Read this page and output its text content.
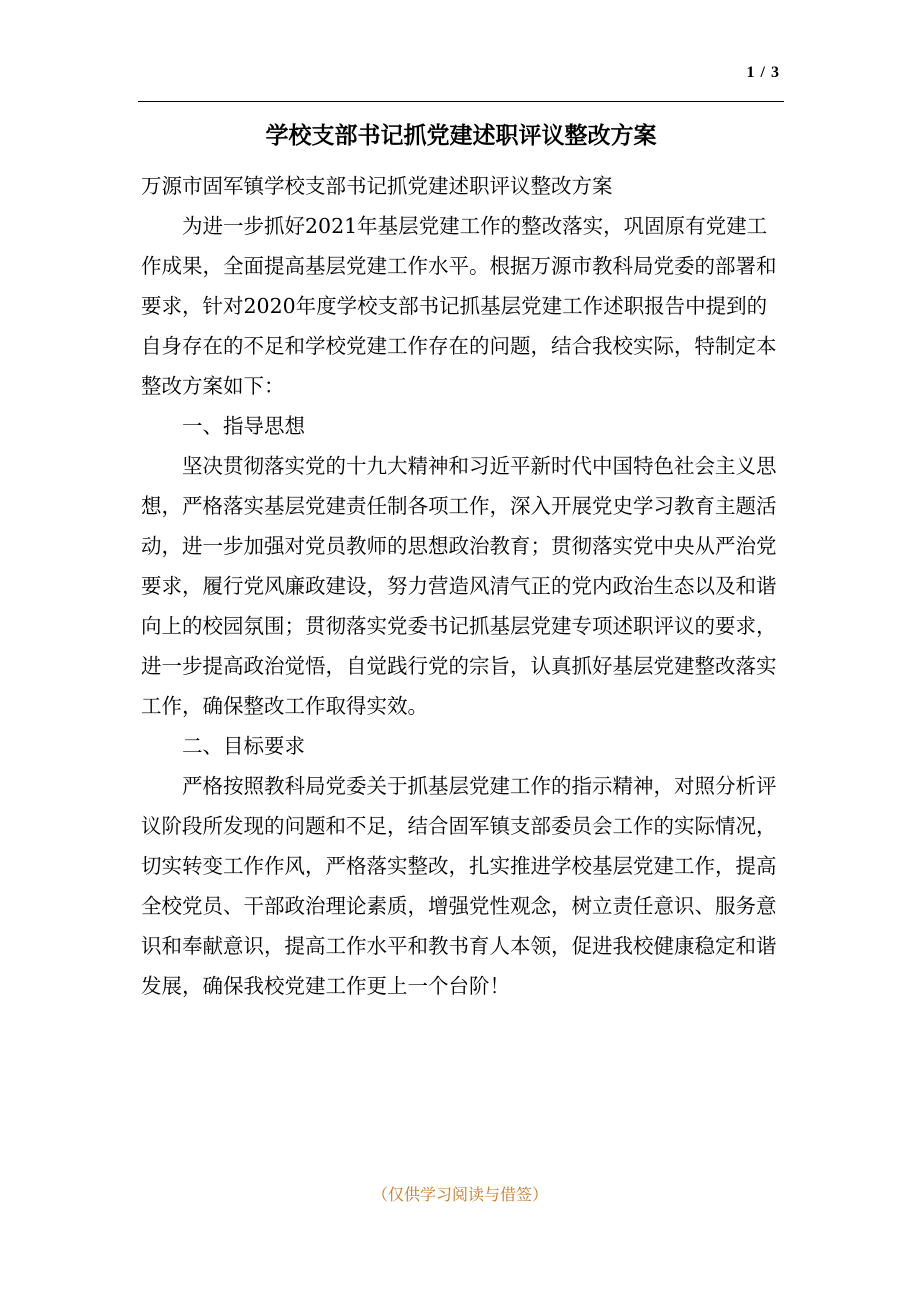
1 / 3
学校支部书记抓党建述职评议整改方案

万源市固军镇学校支部书记抓党建述职评议整改方案

为进一步抓好2021年基层党建工作的整改落实，巩固原有党建工作成果，全面提高基层党建工作水平。根据万源市教科局党委的部署和要求，针对2020年度学校支部书记抓基层党建工作述职报告中提到的自身存在的不足和学校党建工作存在的问题，结合我校实际，特制定本整改方案如下：

一、指导思想

坚决贯彻落实党的十九大精神和习近平新时代中国特色社会主义思想，严格落实基层党建责任制各项工作，深入开展党史学习教育主题活动，进一步加强对党员教师的思想政治教育；贯彻落实党中央从严治党要求，履行党风廉政建设，努力营造风清气正的党内政治生态以及和谐向上的校园氛围；贯彻落实党委书记抓基层党建专项述职评议的要求，进一步提高政治觉悟，自觉践行党的宗旨，认真抓好基层党建整改落实工作，确保整改工作取得实效。

二、目标要求

严格按照教科局党委关于抓基层党建工作的指示精神，对照分析评议阶段所发现的问题和不足，结合固军镇支部委员会工作的实际情况，切实转变工作作风，严格落实整改，扎实推进学校基层党建工作，提高全校党员、干部政治理论素质，增强党性观念，树立责任意识、服务意识和奉献意识，提高工作水平和教书育人本领，促进我校健康稳定和谐发展，确保我校党建工作更上一个台阶！

（仅供学习阅读与借签）
